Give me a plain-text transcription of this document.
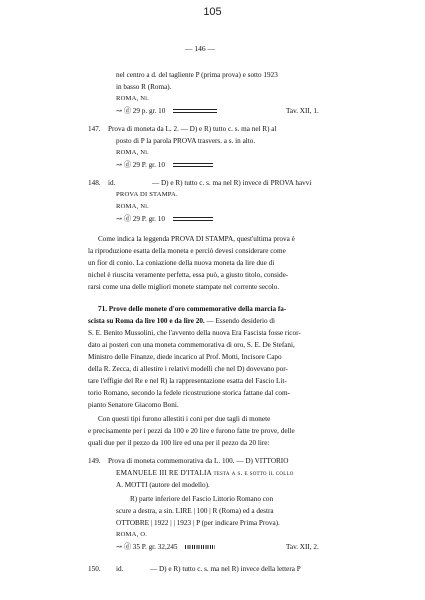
105
— 146 —
nel centro a d. del tagliente P (prima prova) e sotto 1923
in basso R (Roma).
ROMA, Ni.
↝ ⓓ 29 p. gr. 10	Tav. XII, 1.
147. Prova di moneta da L. 2. — D) e R) tutto c. s. ma nel R) al
posto di P la parola PROVA trasvers. a s. in alto.
ROMA, Ni.
↝ ⓓ 29 P. gr. 10
148. id.	— D) e R) tutto c. s. ma nel R) invece di PROVA havvi
PROVA DI STAMPA.
ROMA, Ni.
↝ ⓓ 29 P. gr. 10
Come indica la leggenda PROVA DI STAMPA, quest'ultima prova è
la riproduzione esatta della moneta e perciò devesi considerare come
un fior di conio. La coniazione della nuova moneta da lire due di
nichel è riuscita veramente perfetta, essa può, a giusto titolo, conside-
rarsi come una delle migliori monete stampate nel corrente secolo.
71. Prove delle monete d'oro commemorative della marcia fa-
scista su Roma da lire 100 e da lire 20. — Essendo desiderio di
S. E. Benito Mussolini, che l'avvento della nuova Era Fascista fosse ricor-
dato ai posteri con una moneta commemorativa di oro, S. E. De Stefani,
Ministro delle Finanze, diede incarico al Prof. Motti, Incisore Capo
della R. Zecca, di allestire i relativi modelli che nel D) dovevano por-
tare l'effigie del Re e nel R) la rappresentazione esatta del Fascio Lit-
torio Romano, secondo la fedele ricostruzione storica fattane dal com-
pianto Senatore Giacomo Boni.
Con questi tipi furono allestiti i coni per due tagli di monete
e precisamente per i pezzi da 100 e 20 lire e furono fatte tre prove, delle
quali due per il pezzo da 100 lire ed una per il pezzo da 20 lire:
149. Prova di moneta commemorativa da L. 100. — D) VITTORIO
EMANUELE III RE D'ITALIA testa a s. e sotto il collo
A. MOTTI (autore del modello).
R) parte inferiore del Fascio Littorio Romano con
scure a destra, a sin. LIRE | 100 | R (Roma) ed a destra
OTTOBRE | 1922 | | 1923 | P (per indicare Prima Prova).
ROMA, O.
↝ ⓓ 35 P. gr. 32,245	Tav. XII, 2.
150. id.	— D) e R) tutto c. s. ma nel R) invece della lettera P
